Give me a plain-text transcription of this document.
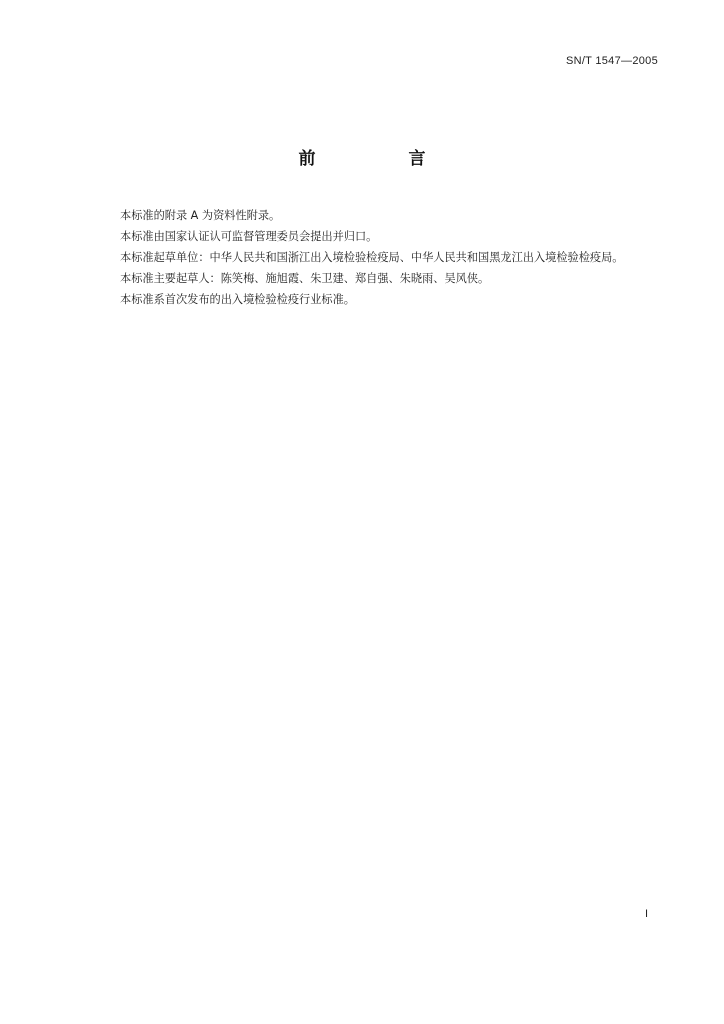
SN/T 1547—2005
前　言

本标准的附录 A 为资料性附录。

本标准由国家认证认可监督管理委员会提出并归口。

本标准起草单位：中华人民共和国浙江出入境检验检疫局、中华人民共和国黑龙江出入境检验检疫局。

本标准主要起草人：陈笑梅、施旭霞、朱卫建、郑自强、朱晓雨、吴风侠。

本标准系首次发布的出入境检验检疫行业标准。

I
